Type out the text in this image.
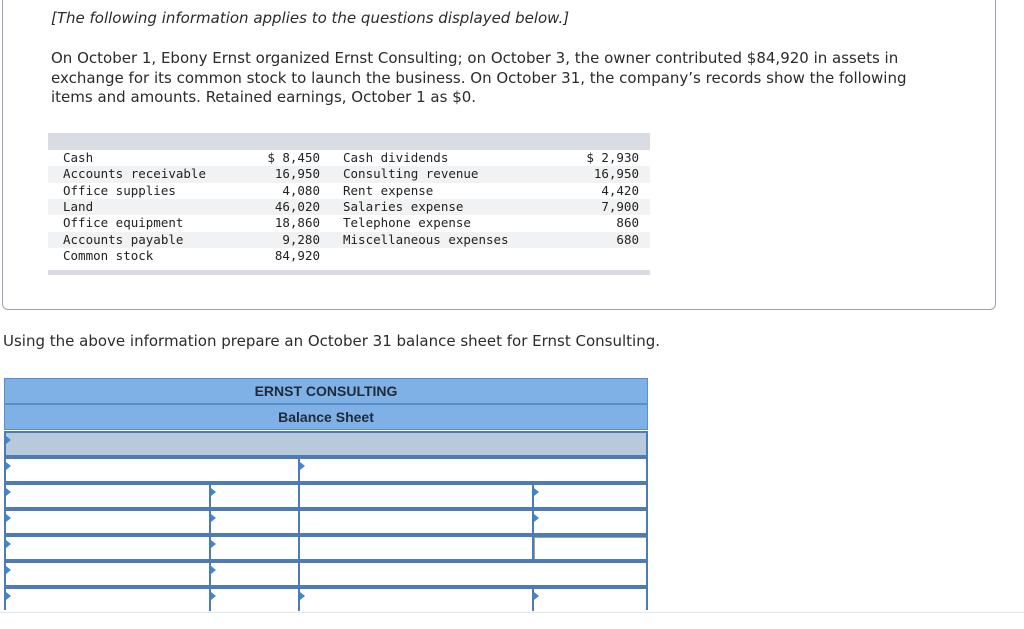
[The following information applies to the questions displayed below.]
On October 1, Ebony Ernst organized Ernst Consulting; on October 3, the owner contributed $84,920 in assets in
exchange for its common stock to launch the business. On October 31, the company’s records show the following
items and amounts. Retained earnings, October 1 as $0.
Cash	$ 8,450 Cash dividends	$ 2,930
Accounts receivable	16,950 Consulting revenue	16,950
Office supplies	4,080 Rent expense	4,420
Land	46,020 Salaries expense	7,900
Office equipment	18,860 Telephone expense	860
Accounts payable	9,280 Miscellaneous expenses	680
Common stock	84,920
Using the above information prepare an October 31 balance sheet for Ernst Consulting.
ERNST CONSULTING
Balance Sheet
